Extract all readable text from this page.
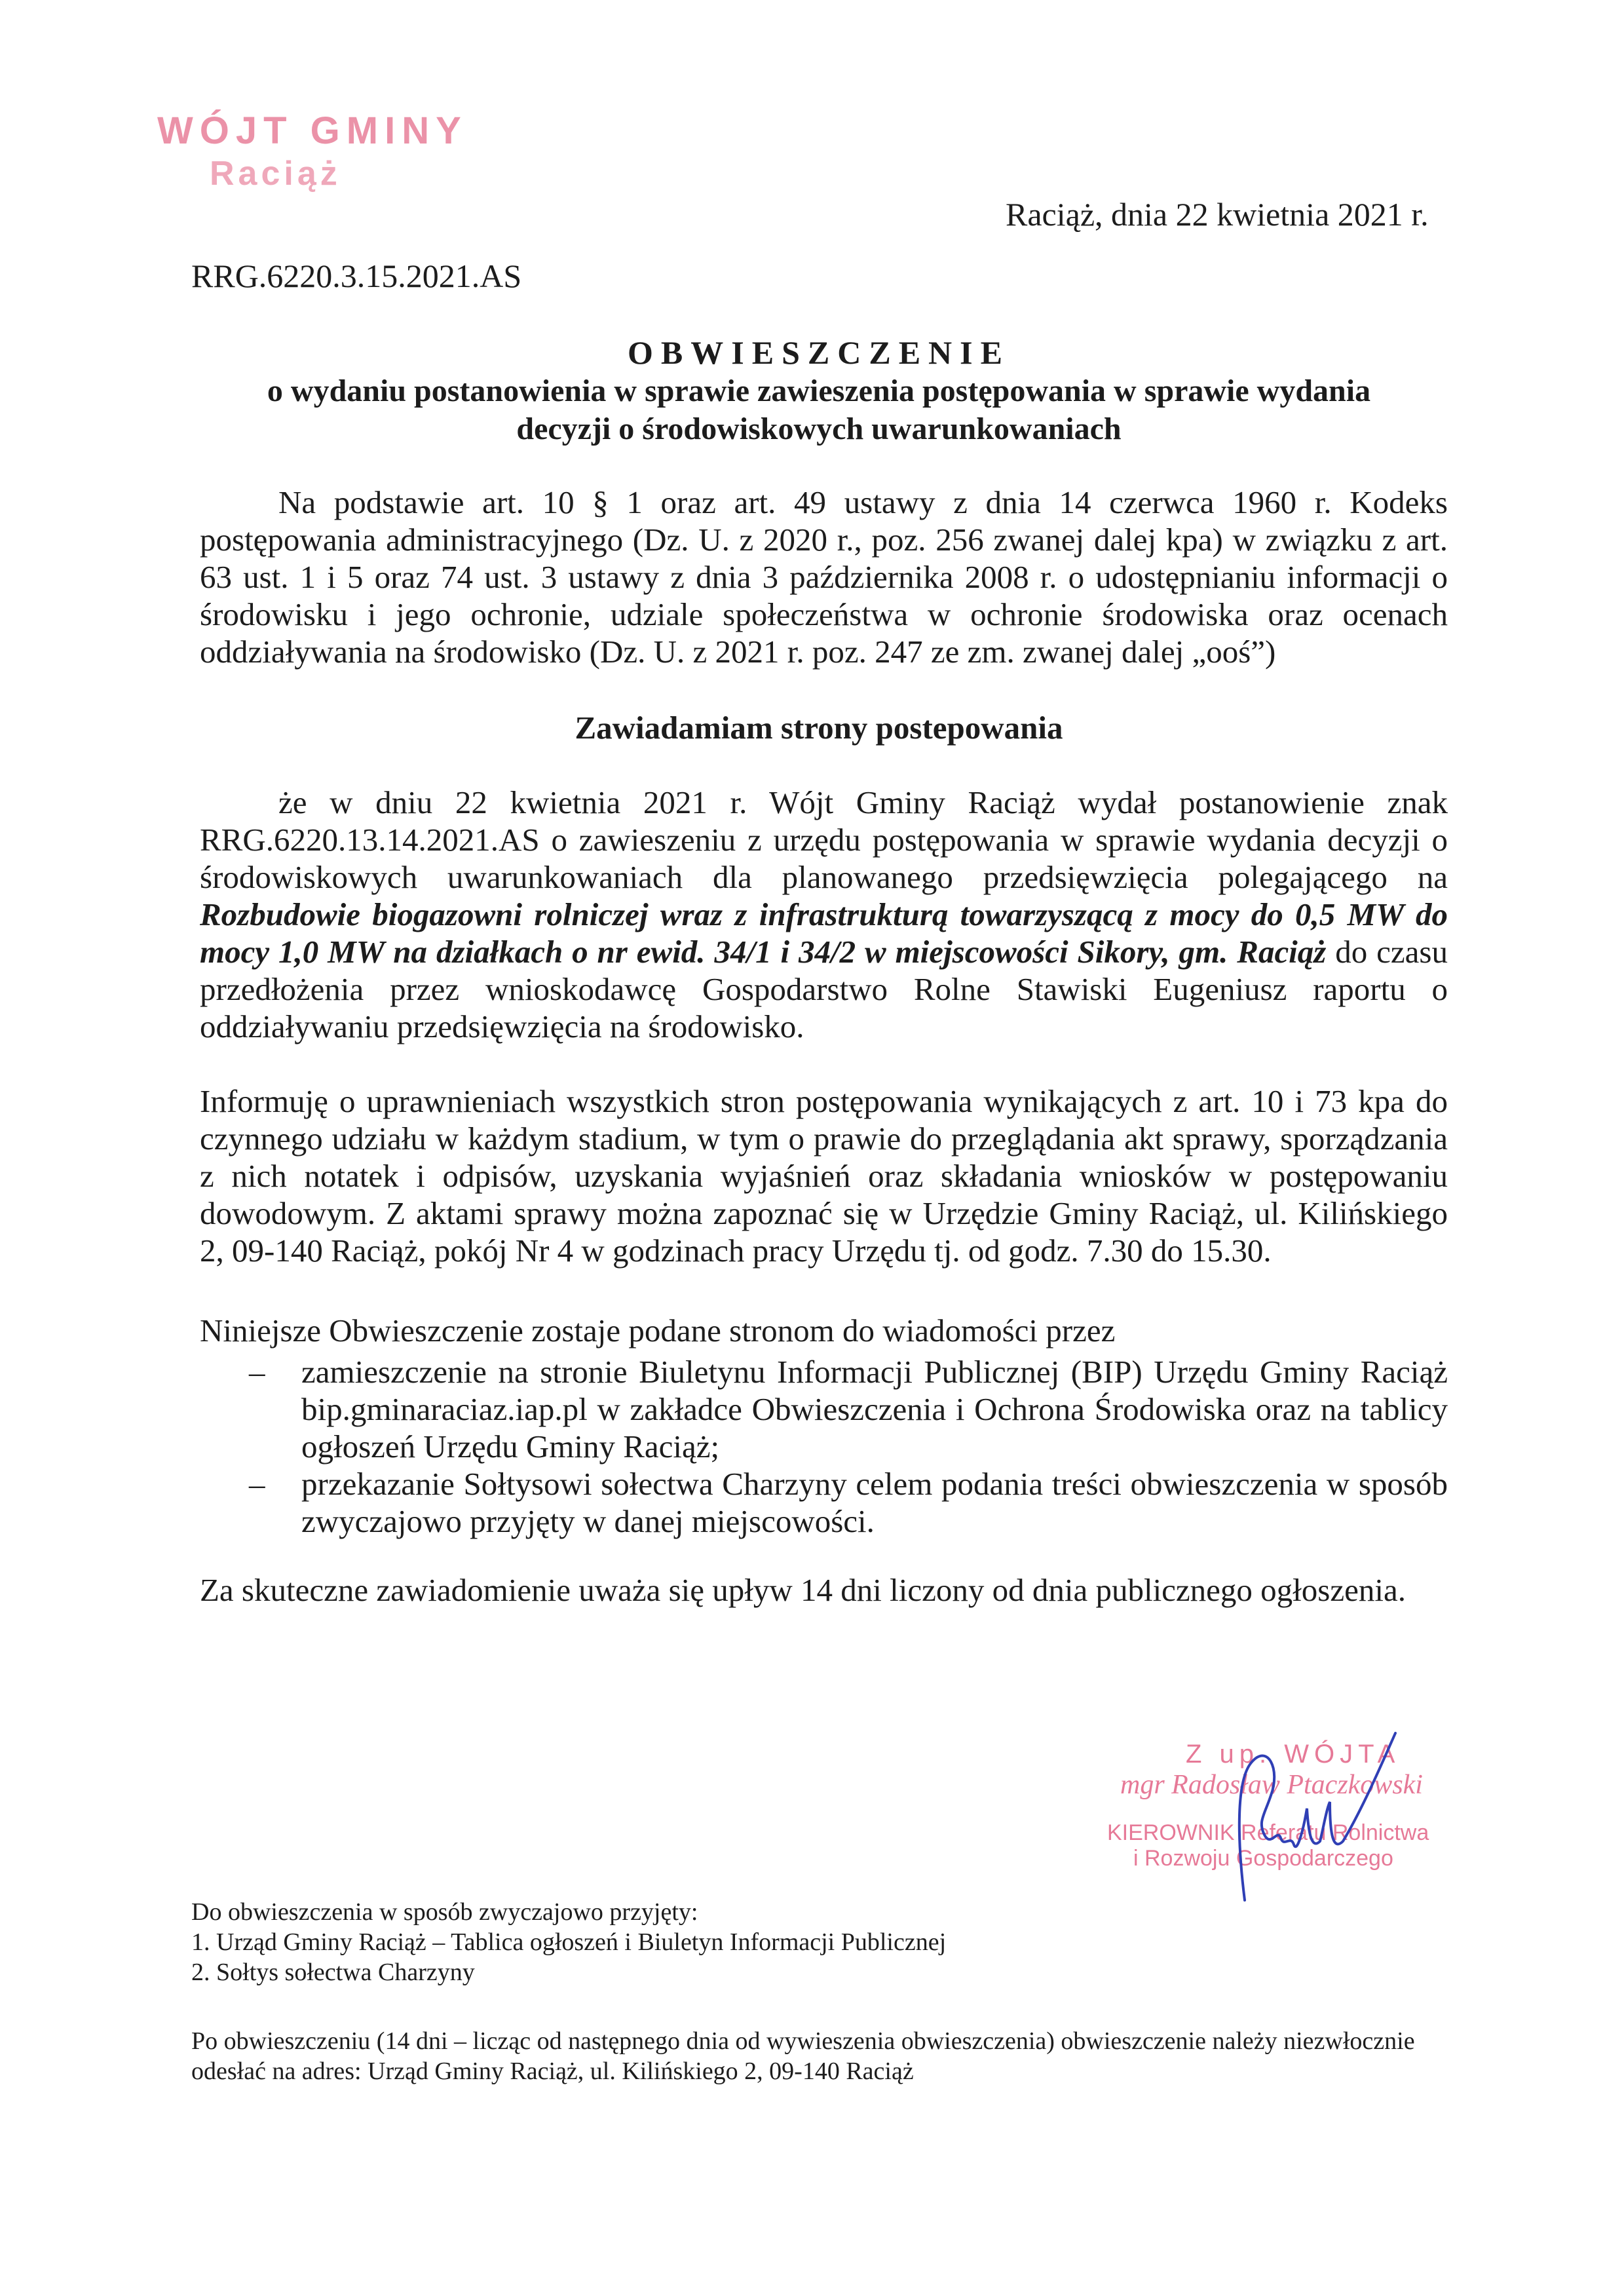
WÓJT GMINY
Raciąż
Raciąż, dnia 22 kwietnia 2021 r.
RRG.6220.3.15.2021.AS
OBWIESZCZENIE
o wydaniu postanowienia w sprawie zawieszenia postępowania w sprawie wydania
decyzji o środowiskowych uwarunkowaniach
Na podstawie art. 10 § 1 oraz art. 49 ustawy z dnia 14 czerwca 1960 r. Kodeks postępowania administracyjnego (Dz. U. z 2020 r., poz. 256 zwanej dalej kpa) w związku z art. 63 ust. 1 i 5 oraz 74 ust. 3 ustawy z dnia 3 października 2008 r. o udostępnianiu informacji o środowisku i jego ochronie, udziale społeczeństwa w ochronie środowiska oraz ocenach oddziaływania na środowisko (Dz. U. z 2021 r. poz. 247 ze zm. zwanej dalej „ooś”)
Zawiadamiam strony postepowania
że w dniu 22 kwietnia 2021 r. Wójt Gminy Raciąż wydał postanowienie znak RRG.6220.13.14.2021.AS o zawieszeniu z urzędu postępowania w sprawie wydania decyzji o środowiskowych uwarunkowaniach dla planowanego przedsięwzięcia polegającego na Rozbudowie biogazowni rolniczej wraz z infrastrukturą towarzyszącą z mocy do 0,5 MW do mocy 1,0 MW na działkach o nr ewid. 34/1 i 34/2 w miejscowości Sikory, gm. Raciąż do czasu przedłożenia przez wnioskodawcę Gospodarstwo Rolne Stawiski Eugeniusz raportu o oddziaływaniu przedsięwzięcia na środowisko.
Informuję o uprawnieniach wszystkich stron postępowania wynikających z art. 10 i 73 kpa do czynnego udziału w każdym stadium, w tym o prawie do przeglądania akt sprawy, sporządzania z nich notatek i odpisów, uzyskania wyjaśnień oraz składania wniosków w postępowaniu dowodowym. Z aktami sprawy można zapoznać się w Urzędzie Gminy Raciąż, ul. Kilińskiego 2, 09-140 Raciąż, pokój Nr 4 w godzinach pracy Urzędu tj. od godz. 7.30 do 15.30.
Niniejsze Obwieszczenie zostaje podane stronom do wiadomości przez
–	zamieszczenie na stronie Biuletynu Informacji Publicznej (BIP) Urzędu Gminy Raciąż bip.gminaraciaz.iap.pl w zakładce Obwieszczenia i Ochrona Środowiska oraz na tablicy ogłoszeń Urzędu Gminy Raciąż;
–	przekazanie Sołtysowi sołectwa Charzyny celem podania treści obwieszczenia w sposób zwyczajowo przyjęty w danej miejscowości.
Za skuteczne zawiadomienie uważa się upływ 14 dni liczony od dnia publicznego ogłoszenia.
Z up. WÓJTA
mgr Radosław Ptaczkowski
KIEROWNIK Referatu Rolnictwa
i Rozwoju Gospodarczego
Do obwieszczenia w sposób zwyczajowo przyjęty:
1. Urząd Gminy Raciąż – Tablica ogłoszeń i Biuletyn Informacji Publicznej
2. Sołtys sołectwa Charzyny
Po obwieszczeniu (14 dni – licząc od następnego dnia od wywieszenia obwieszczenia) obwieszczenie należy niezwłocznie odesłać na adres: Urząd Gminy Raciąż, ul. Kilińskiego 2, 09-140 Raciąż
